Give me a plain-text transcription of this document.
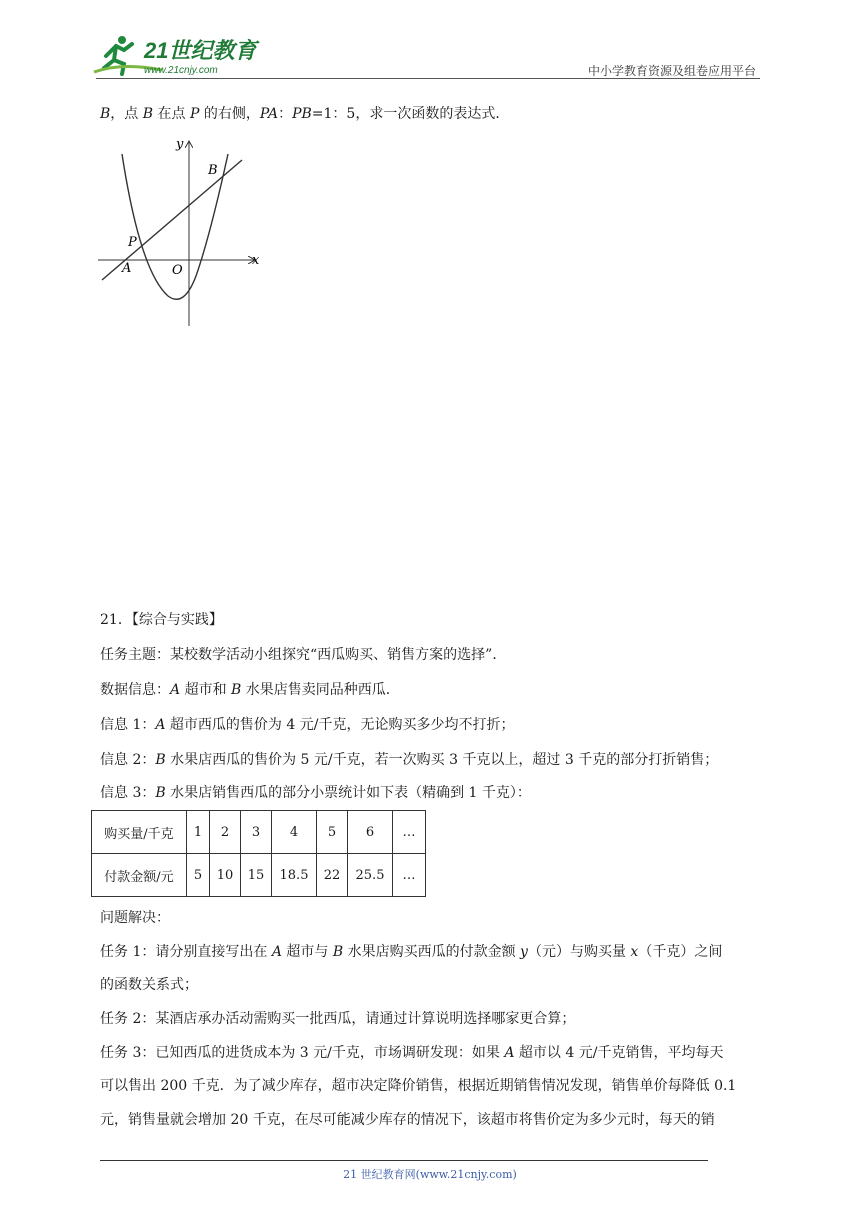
21世纪教育
www.21cnjy.com	中小学教育资源及组卷应用平台
B，点 B 在点 P 的右侧，PA：PB=1：5，求一次函数的表达式．
y
x
B
P
A	O
21．【综合与实践】
任务主题：某校数学活动小组探究“西瓜购买、销售方案的选择”．
数据信息：A 超市和 B 水果店售卖同品种西瓜．
信息 1：A 超市西瓜的售价为 4 元/千克，无论购买多少均不打折；
信息 2：B 水果店西瓜的售价为 5 元/千克，若一次购买 3 千克以上，超过 3 千克的部分打折销售；
信息 3：B 水果店销售西瓜的部分小票统计如下表（精确到 1 千克）：
购买量/千克	1	2	3	4	5	6	…
付款金额/元	5	10	15	18.5	22	25.5	…
问题解决：
任务 1：请分别直接写出在 A 超市与 B 水果店购买西瓜的付款金额 y（元）与购买量 x（千克）之间
的函数关系式；
任务 2：某酒店承办活动需购买一批西瓜，请通过计算说明选择哪家更合算；
任务 3：已知西瓜的进货成本为 3 元/千克，市场调研发现：如果 A 超市以 4 元/千克销售，平均每天
可以售出 200 千克．为了减少库存，超市决定降价销售，根据近期销售情况发现，销售单价每降低 0.1
元，销售量就会增加 20 千克，在尽可能减少库存的情况下，该超市将售价定为多少元时，每天的销
21 世纪教育网(www.21cnjy.com)
